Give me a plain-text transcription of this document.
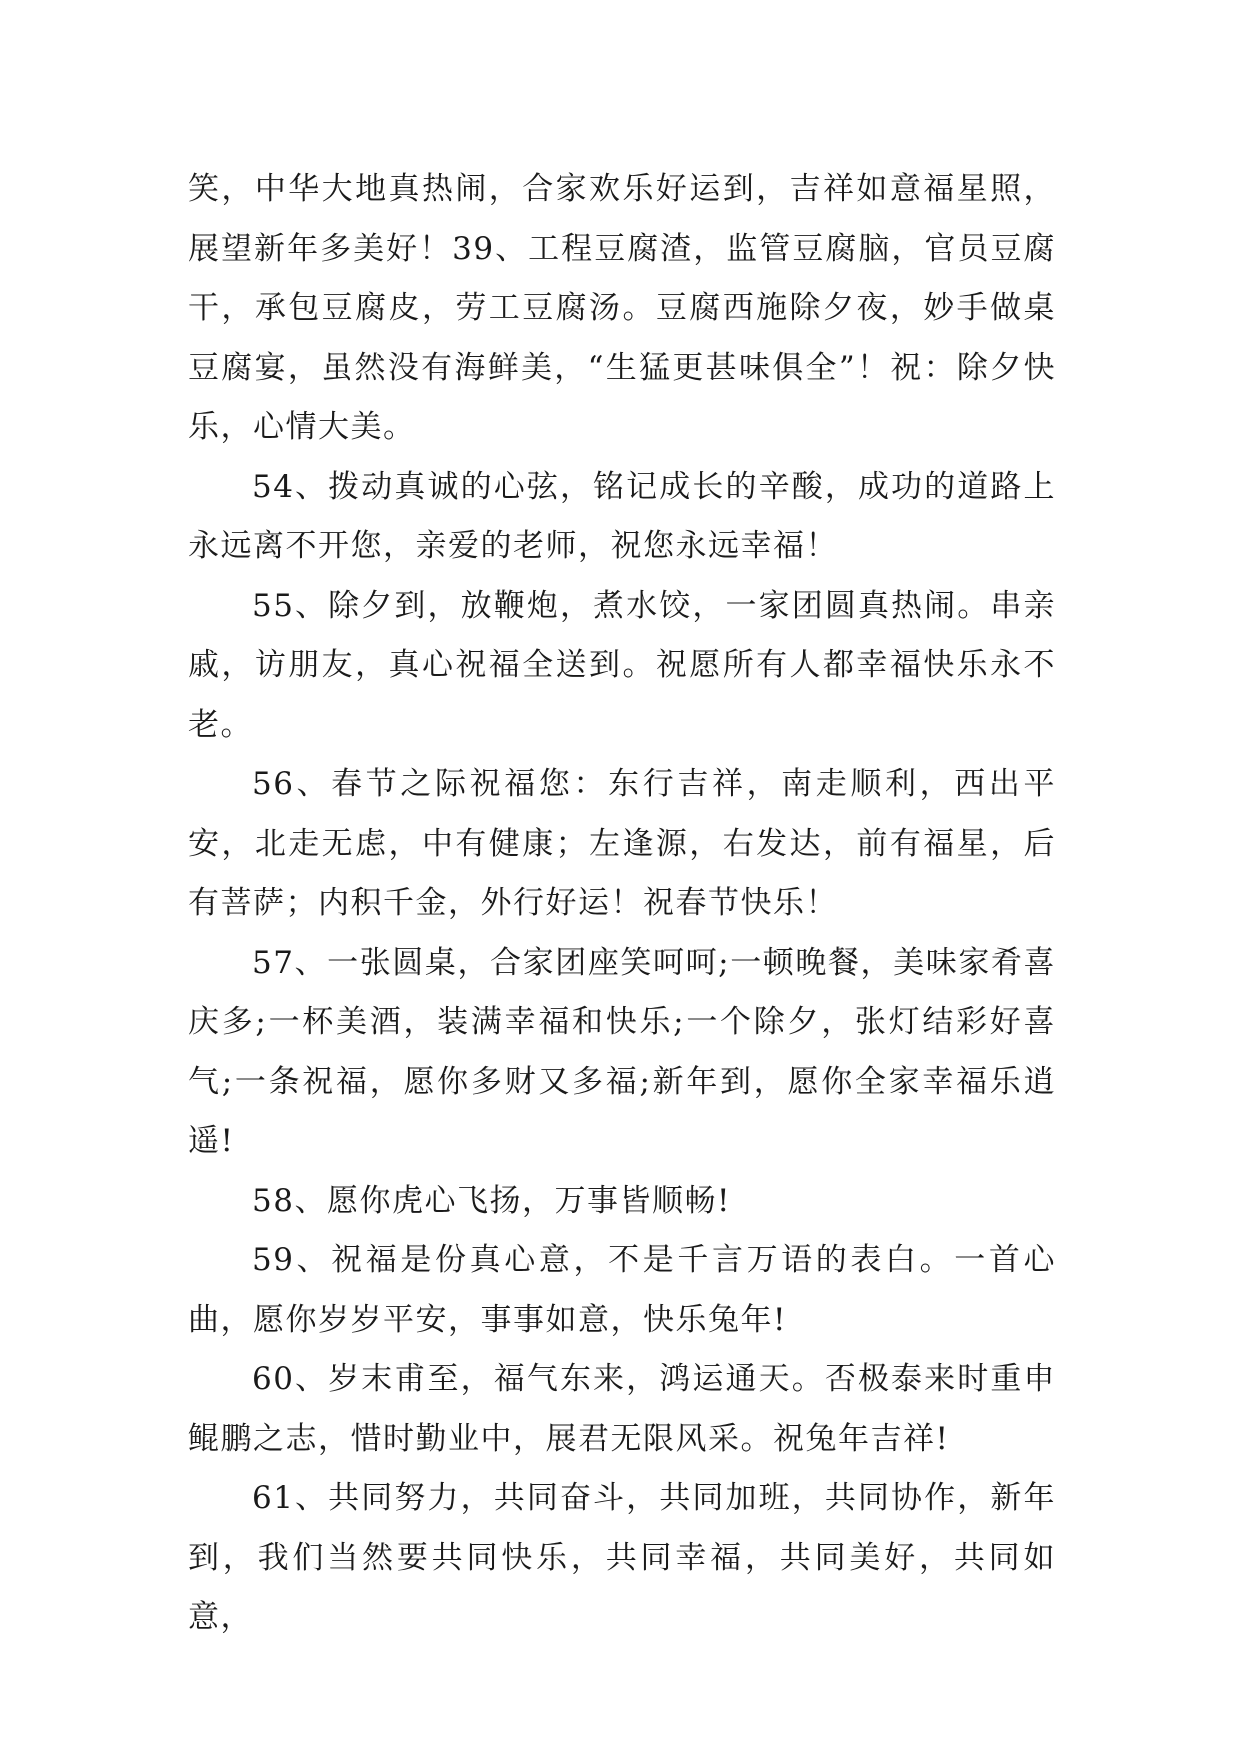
笑，中华大地真热闹，合家欢乐好运到，吉祥如意福星照，展望新年多美好！39、工程豆腐渣，监管豆腐脑，官员豆腐干，承包豆腐皮，劳工豆腐汤。豆腐西施除夕夜，妙手做桌豆腐宴，虽然没有海鲜美，“生猛更甚味俱全”！祝：除夕快乐，心情大美。

54、拨动真诚的心弦，铭记成长的辛酸，成功的道路上永远离不开您，亲爱的老师，祝您永远幸福！

55、除夕到，放鞭炮，煮水饺，一家团圆真热闹。串亲戚，访朋友，真心祝福全送到。祝愿所有人都幸福快乐永不老。

56、春节之际祝福您：东行吉祥，南走顺利，西出平安，北走无虑，中有健康；左逢源，右发达，前有福星，后有菩萨；内积千金，外行好运！祝春节快乐！

57、一张圆桌，合家团座笑呵呵;一顿晚餐，美味家肴喜庆多;一杯美酒，装满幸福和快乐;一个除夕，张灯结彩好喜气;一条祝福，愿你多财又多福;新年到，愿你全家幸福乐逍遥!

58、愿你虎心飞扬，万事皆顺畅!

59、祝福是份真心意，不是千言万语的表白。一首心曲，愿你岁岁平安，事事如意，快乐兔年!

60、岁末甫至，福气东来，鸿运通天。否极泰来时重申鲲鹏之志，惜时勤业中，展君无限风采。祝兔年吉祥!

61、共同努力，共同奋斗，共同加班，共同协作，新年到，我们当然要共同快乐，共同幸福，共同美好，共同如意，
